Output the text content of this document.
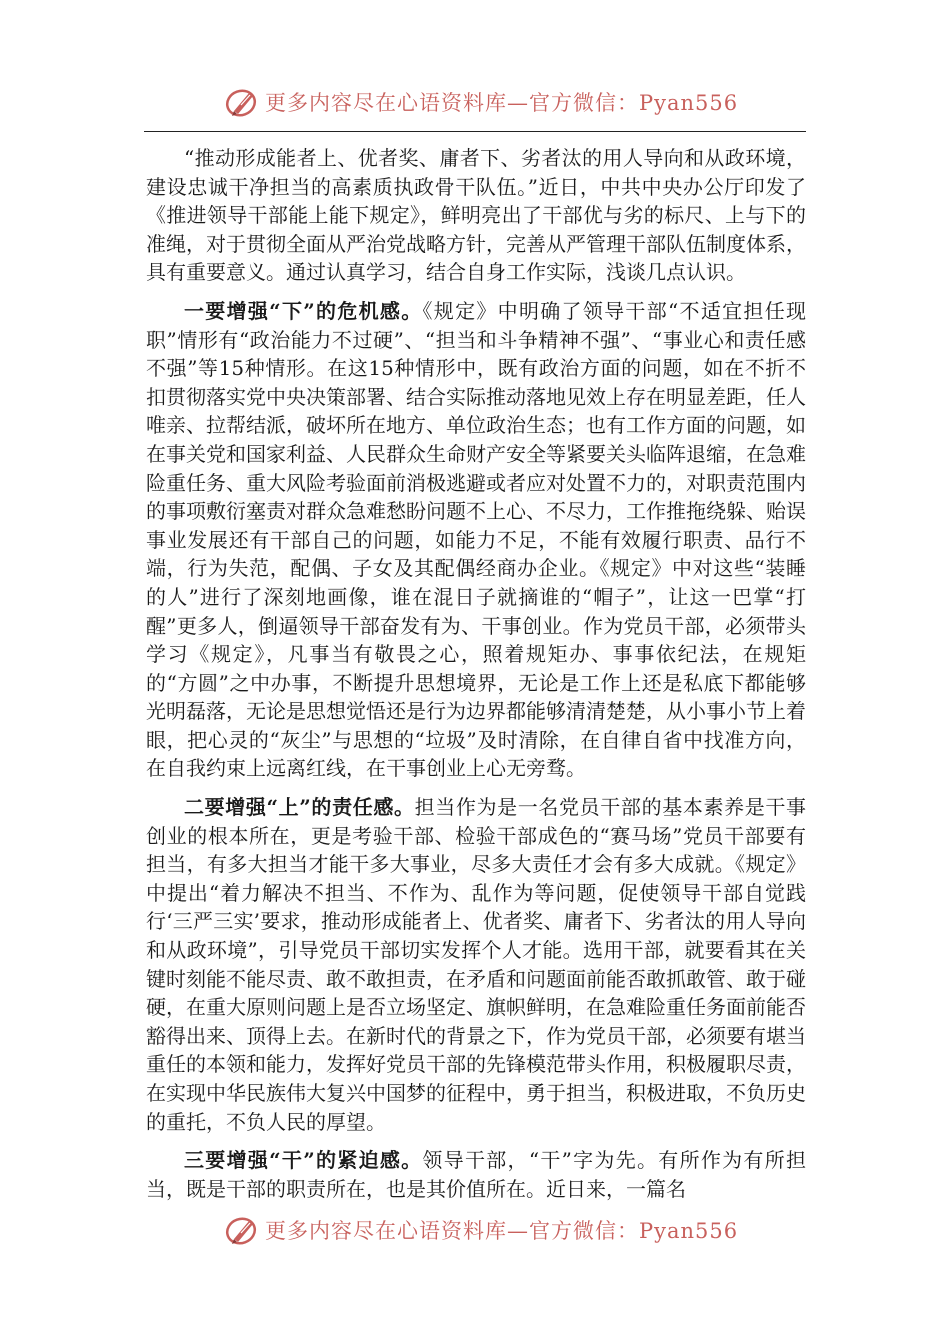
更多内容尽在心语资料库—官方微信：Pyan556

“推动形成能者上、优者奖、庸者下、劣者汰的用人导向和从政环境，建设忠诚干净担当的高素质执政骨干队伍。”近日，中共中央办公厅印发了《推进领导干部能上能下规定》，鲜明亮出了干部优与劣的标尺、上与下的准绳，对于贯彻全面从严治党战略方针，完善从严管理干部队伍制度体系，具有重要意义。通过认真学习，结合自身工作实际，浅谈几点认识。

一要增强“下”的危机感。《规定》中明确了领导干部“不适宜担任现职”情形有“政治能力不过硬”、“担当和斗争精神不强”、“事业心和责任感不强”等15种情形。在这15种情形中，既有政治方面的问题，如在不折不扣贯彻落实党中央决策部署、结合实际推动落地见效上存在明显差距，任人唯亲、拉帮结派，破坏所在地方、单位政治生态；也有工作方面的问题，如在事关党和国家利益、人民群众生命财产安全等紧要关头临阵退缩，在急难险重任务、重大风险考验面前消极逃避或者应对处置不力的，对职责范围内的事项敷衍塞责对群众急难愁盼问题不上心、不尽力，工作推拖绕躲、贻误事业发展还有干部自己的问题，如能力不足，不能有效履行职责、品行不端，行为失范，配偶、子女及其配偶经商办企业。《规定》中对这些“装睡的人”进行了深刻地画像，谁在混日子就摘谁的“帽子”，让这一巴掌“打醒”更多人，倒逼领导干部奋发有为、干事创业。作为党员干部，必须带头学习《规定》，凡事当有敬畏之心，照着规矩办、事事依纪法，在规矩的“方圆”之中办事，不断提升思想境界，无论是工作上还是私底下都能够光明磊落，无论是思想觉悟还是行为边界都能够清清楚楚，从小事小节上着眼，把心灵的“灰尘”与思想的“垃圾”及时清除，在自律自省中找准方向，在自我约束上远离红线，在干事创业上心无旁骛。

二要增强“上”的责任感。担当作为是一名党员干部的基本素养是干事创业的根本所在，更是考验干部、检验干部成色的“赛马场”党员干部要有担当，有多大担当才能干多大事业，尽多大责任才会有多大成就。《规定》中提出“着力解决不担当、不作为、乱作为等问题，促使领导干部自觉践行‘三严三实’要求，推动形成能者上、优者奖、庸者下、劣者汰的用人导向和从政环境”，引导党员干部切实发挥个人才能。选用干部，就要看其在关键时刻能不能尽责、敢不敢担责，在矛盾和问题面前能否敢抓敢管、敢于碰硬，在重大原则问题上是否立场坚定、旗帜鲜明，在急难险重任务面前能否豁得出来、顶得上去。在新时代的背景之下，作为党员干部，必须要有堪当重任的本领和能力，发挥好党员干部的先锋模范带头作用，积极履职尽责，在实现中华民族伟大复兴中国梦的征程中，勇于担当，积极进取，不负历史的重托，不负人民的厚望。

三要增强“干”的紧迫感。领导干部，“干”字为先。有所作为有所担当，既是干部的职责所在，也是其价值所在。近日来，一篇名

更多内容尽在心语资料库—官方微信：Pyan556
